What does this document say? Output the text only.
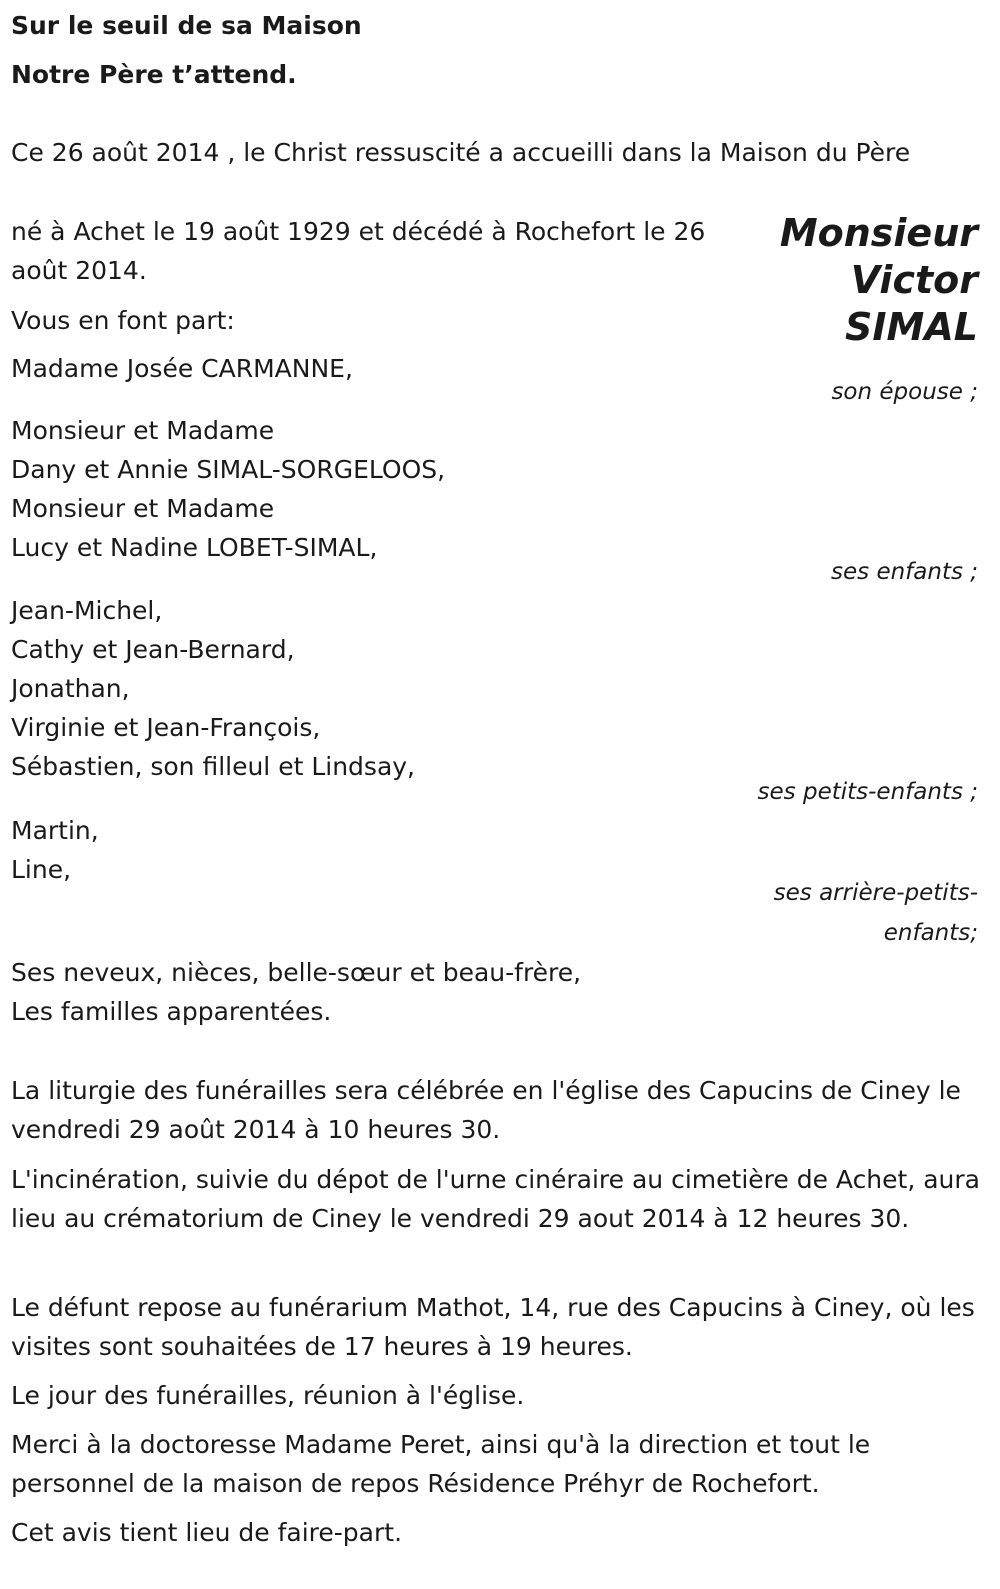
Sur le seuil de sa Maison

Notre Père t’attend.

Ce 26 août 2014 , le Christ ressuscité a accueilli dans la Maison du Père

Monsieur
Victor
SIMAL

né à Achet le 19 août 1929 et décédé à Rochefort le 26 août 2014.

Vous en font part:

Madame Josée CARMANNE,

son épouse ;

Monsieur et Madame
Dany et Annie SIMAL-SORGELOOS,
Monsieur et Madame
Lucy et Nadine LOBET-SIMAL,

ses enfants ;

Jean-Michel,
Cathy et Jean-Bernard,
Jonathan,
Virginie et Jean-François,
Sébastien, son filleul et Lindsay,

ses petits-enfants ;

Martin,
Line,
ses arrière-petits-
enfants;
Ses neveux, nièces, belle-sœur et beau-frère,
Les familles apparentées.

La liturgie des funérailles sera célébrée en l'église des Capucins de Ciney le vendredi 29 août 2014 à 10 heures 30.

L'incinération, suivie du dépot de l'urne cinéraire au cimetière de Achet, aura lieu au crématorium de Ciney le vendredi 29 aout 2014 à 12 heures 30.

Le défunt repose au funérarium Mathot, 14, rue des Capucins à Ciney, où les visites sont souhaitées de 17 heures à 19 heures.

Le jour des funérailles, réunion à l'église.

Merci à la doctoresse Madame Peret, ainsi qu'à la direction et tout le personnel de la maison de repos Résidence Préhyr de Rochefort.

Cet avis tient lieu de faire-part.
